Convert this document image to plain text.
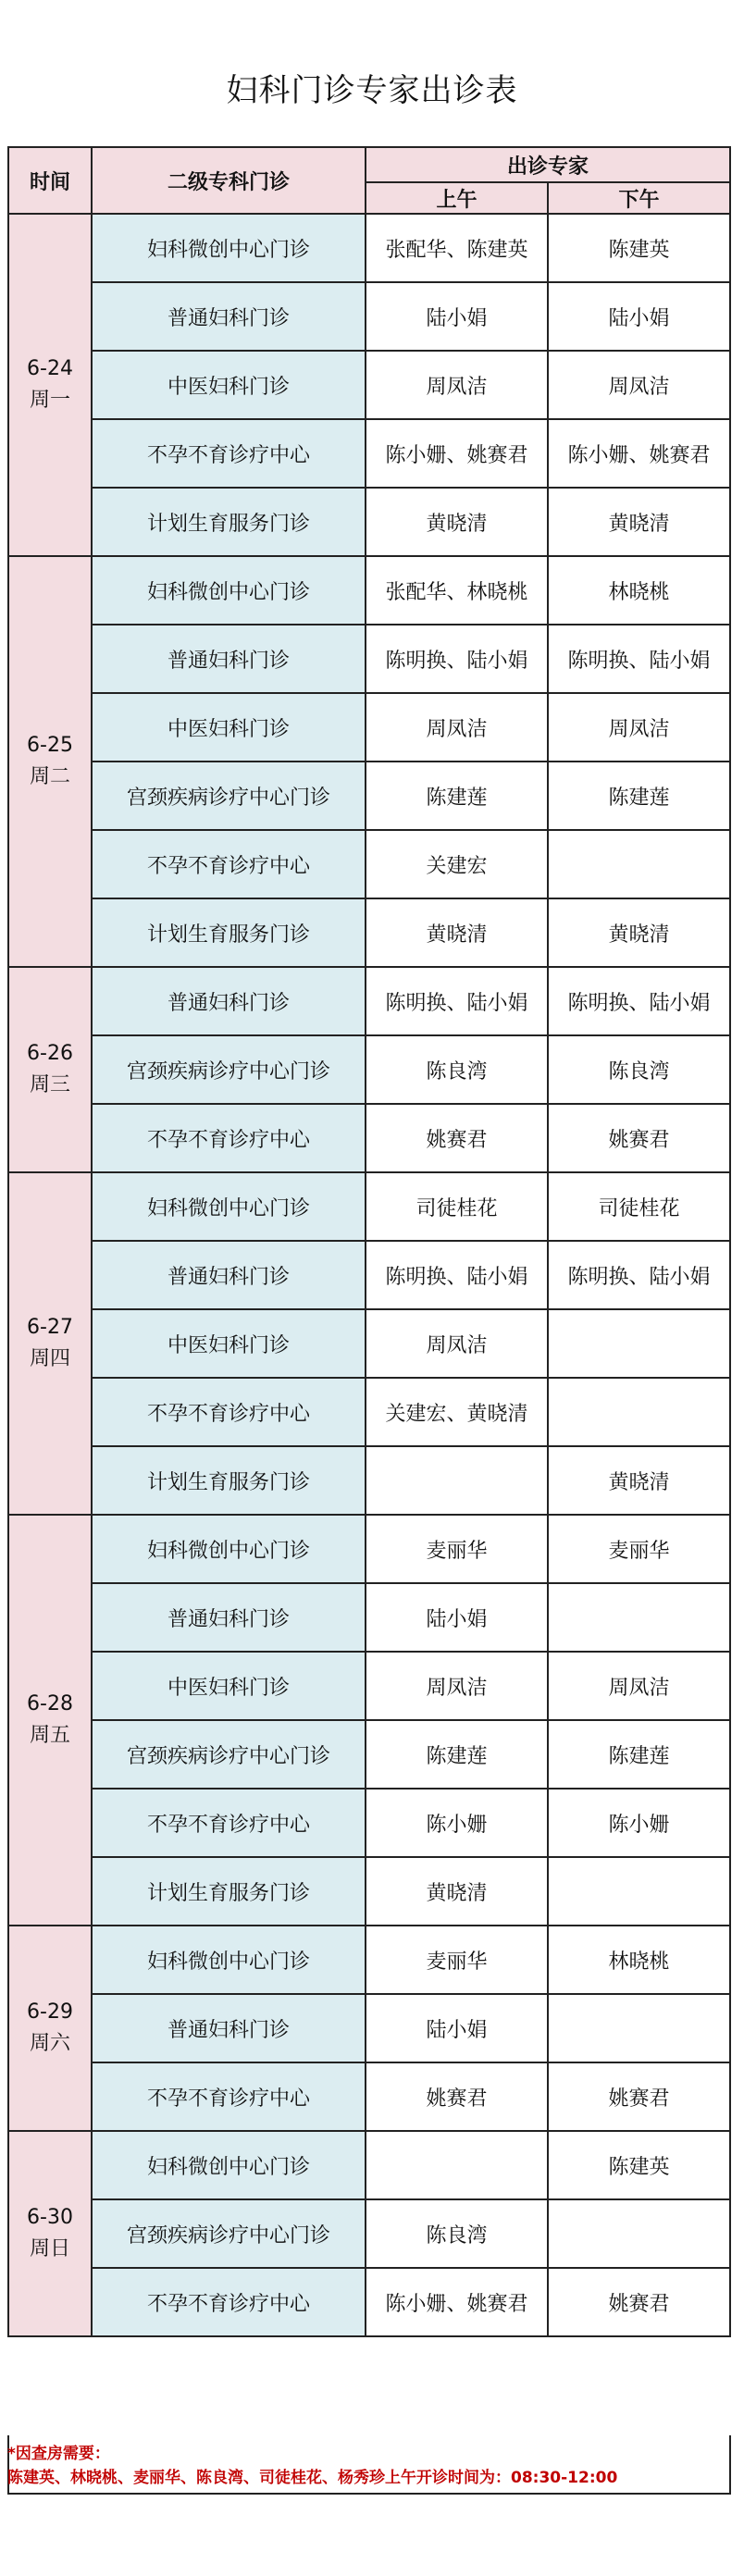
妇科门诊专家出诊表
时间	二级专科门诊	出诊专家	
		上午	下午

6-24
周一	妇科微创中心门诊	张配华、陈建英	陈建英
	普通妇科门诊	陆小娟	陆小娟
	中医妇科门诊	周凤洁	周凤洁
	不孕不育诊疗中心	陈小姗、姚赛君	陈小姗、姚赛君
	计划生育服务门诊	黄晓清	黄晓清

6-25
周二	妇科微创中心门诊	张配华、林晓桃	林晓桃
	普通妇科门诊	陈明换、陆小娟	陈明换、陆小娟
	中医妇科门诊	周凤洁	周凤洁
	宫颈疾病诊疗中心门诊	陈建莲	陈建莲
	不孕不育诊疗中心	关建宏	
	计划生育服务门诊	黄晓清	黄晓清

6-26
周三	普通妇科门诊	陈明换、陆小娟	陈明换、陆小娟
	宫颈疾病诊疗中心门诊	陈良湾	陈良湾
	不孕不育诊疗中心	姚赛君	姚赛君

6-27
周四	妇科微创中心门诊	司徒桂花	司徒桂花
	普通妇科门诊	陈明换、陆小娟	陈明换、陆小娟
	中医妇科门诊	周凤洁	
	不孕不育诊疗中心	关建宏、黄晓清	
	计划生育服务门诊		黄晓清

6-28
周五	妇科微创中心门诊	麦丽华	麦丽华
	普通妇科门诊	陆小娟	
	中医妇科门诊	周凤洁	周凤洁
	宫颈疾病诊疗中心门诊	陈建莲	陈建莲
	不孕不育诊疗中心	陈小姗	陈小姗
	计划生育服务门诊	黄晓清	

6-29
周六	妇科微创中心门诊	麦丽华	林晓桃
	普通妇科门诊	陆小娟	
	不孕不育诊疗中心	姚赛君	姚赛君

6-30
周日	妇科微创中心门诊		陈建英
	宫颈疾病诊疗中心门诊	陈良湾	
	不孕不育诊疗中心	陈小姗、姚赛君	姚赛君
*因查房需要：
陈建英、林晓桃、麦丽华、陈良湾、司徒桂花、杨秀珍上午开诊时间为：08:30-12:00
